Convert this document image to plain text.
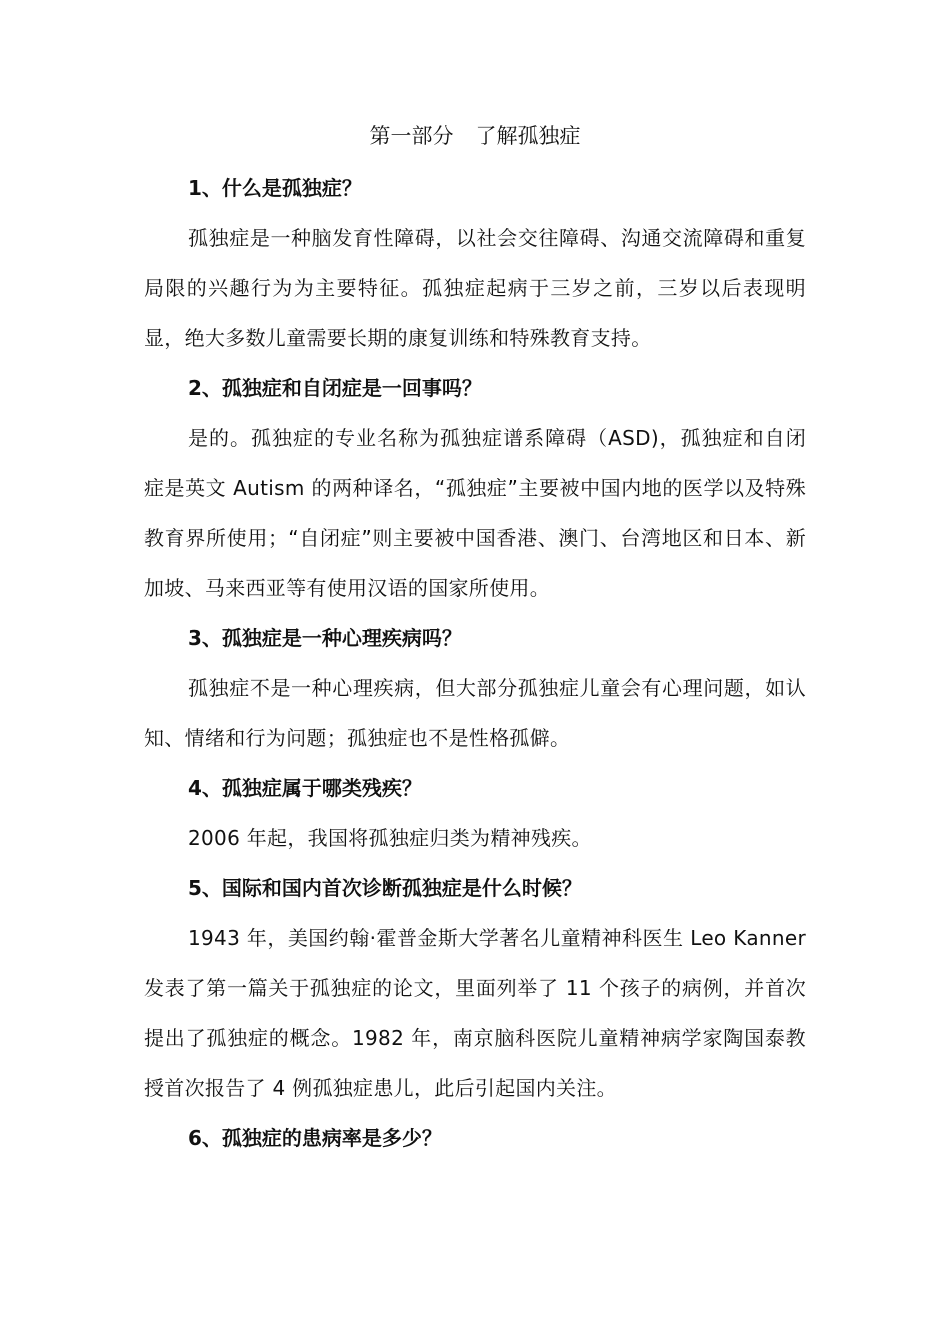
第一部分 了解孤独症

1、什么是孤独症？

孤独症是一种脑发育性障碍，以社会交往障碍、沟通交流障碍和重复局限的兴趣行为为主要特征。孤独症起病于三岁之前，三岁以后表现明显，绝大多数儿童需要长期的康复训练和特殊教育支持。

2、孤独症和自闭症是一回事吗？

是的。孤独症的专业名称为孤独症谱系障碍（ASD)，孤独症和自闭症是英文 Autism 的两种译名，“孤独症”主要被中国内地的医学以及特殊教育界所使用；“自闭症”则主要被中国香港、澳门、台湾地区和日本、新加坡、马来西亚等有使用汉语的国家所使用。

3、孤独症是一种心理疾病吗？

孤独症不是一种心理疾病，但大部分孤独症儿童会有心理问题，如认知、情绪和行为问题；孤独症也不是性格孤僻。

4、孤独症属于哪类残疾？

2006 年起，我国将孤独症归类为精神残疾。

5、国际和国内首次诊断孤独症是什么时候？

1943 年，美国约翰·霍普金斯大学著名儿童精神科医生 Leo Kanner 发表了第一篇关于孤独症的论文，里面列举了 11 个孩子的病例，并首次提出了孤独症的概念。1982 年，南京脑科医院儿童精神病学家陶国泰教授首次报告了 4 例孤独症患儿，此后引起国内关注。

6、孤独症的患病率是多少？
